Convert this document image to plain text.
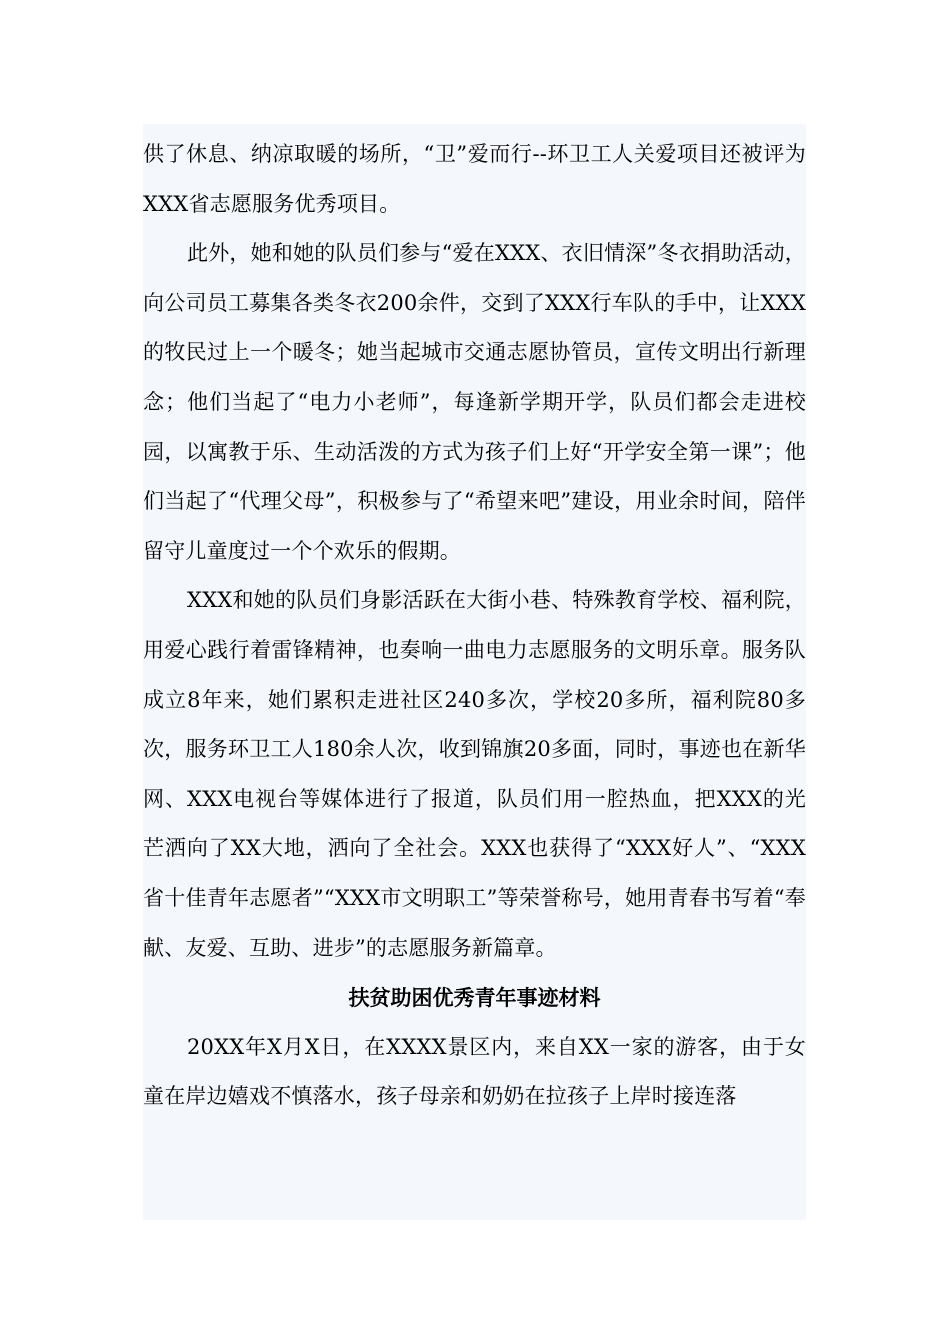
供了休息、纳凉取暖的场所，“卫”爱而行--环卫工人关爱项目还被评为XXX省志愿服务优秀项目。

此外，她和她的队员们参与“爱在XXX、衣旧情深”冬衣捐助活动，向公司员工募集各类冬衣200余件，交到了XXX行车队的手中，让XXX的牧民过上一个暖冬；她当起城市交通志愿协管员，宣传文明出行新理念；他们当起了“电力小老师”，每逢新学期开学，队员们都会走进校园，以寓教于乐、生动活泼的方式为孩子们上好“开学安全第一课”；他们当起了“代理父母”，积极参与了“希望来吧”建设，用业余时间，陪伴留守儿童度过一个个欢乐的假期。

XXX和她的队员们身影活跃在大街小巷、特殊教育学校、福利院，用爱心践行着雷锋精神，也奏响一曲电力志愿服务的文明乐章。服务队成立8年来，她们累积走进社区240多次，学校20多所，福利院80多次，服务环卫工人180余人次，收到锦旗20多面，同时，事迹也在新华网、XXX电视台等媒体进行了报道，队员们用一腔热血，把XXX的光芒洒向了XX大地，洒向了全社会。XXX也获得了“XXX好人”、“XXX省十佳青年志愿者”“XXX市文明职工”等荣誉称号，她用青春书写着“奉献、友爱、互助、进步”的志愿服务新篇章。

扶贫助困优秀青年事迹材料

20XX年X月X日，在XXXX景区内，来自XX一家的游客，由于女童在岸边嬉戏不慎落水，孩子母亲和奶奶在拉孩子上岸时接连落
